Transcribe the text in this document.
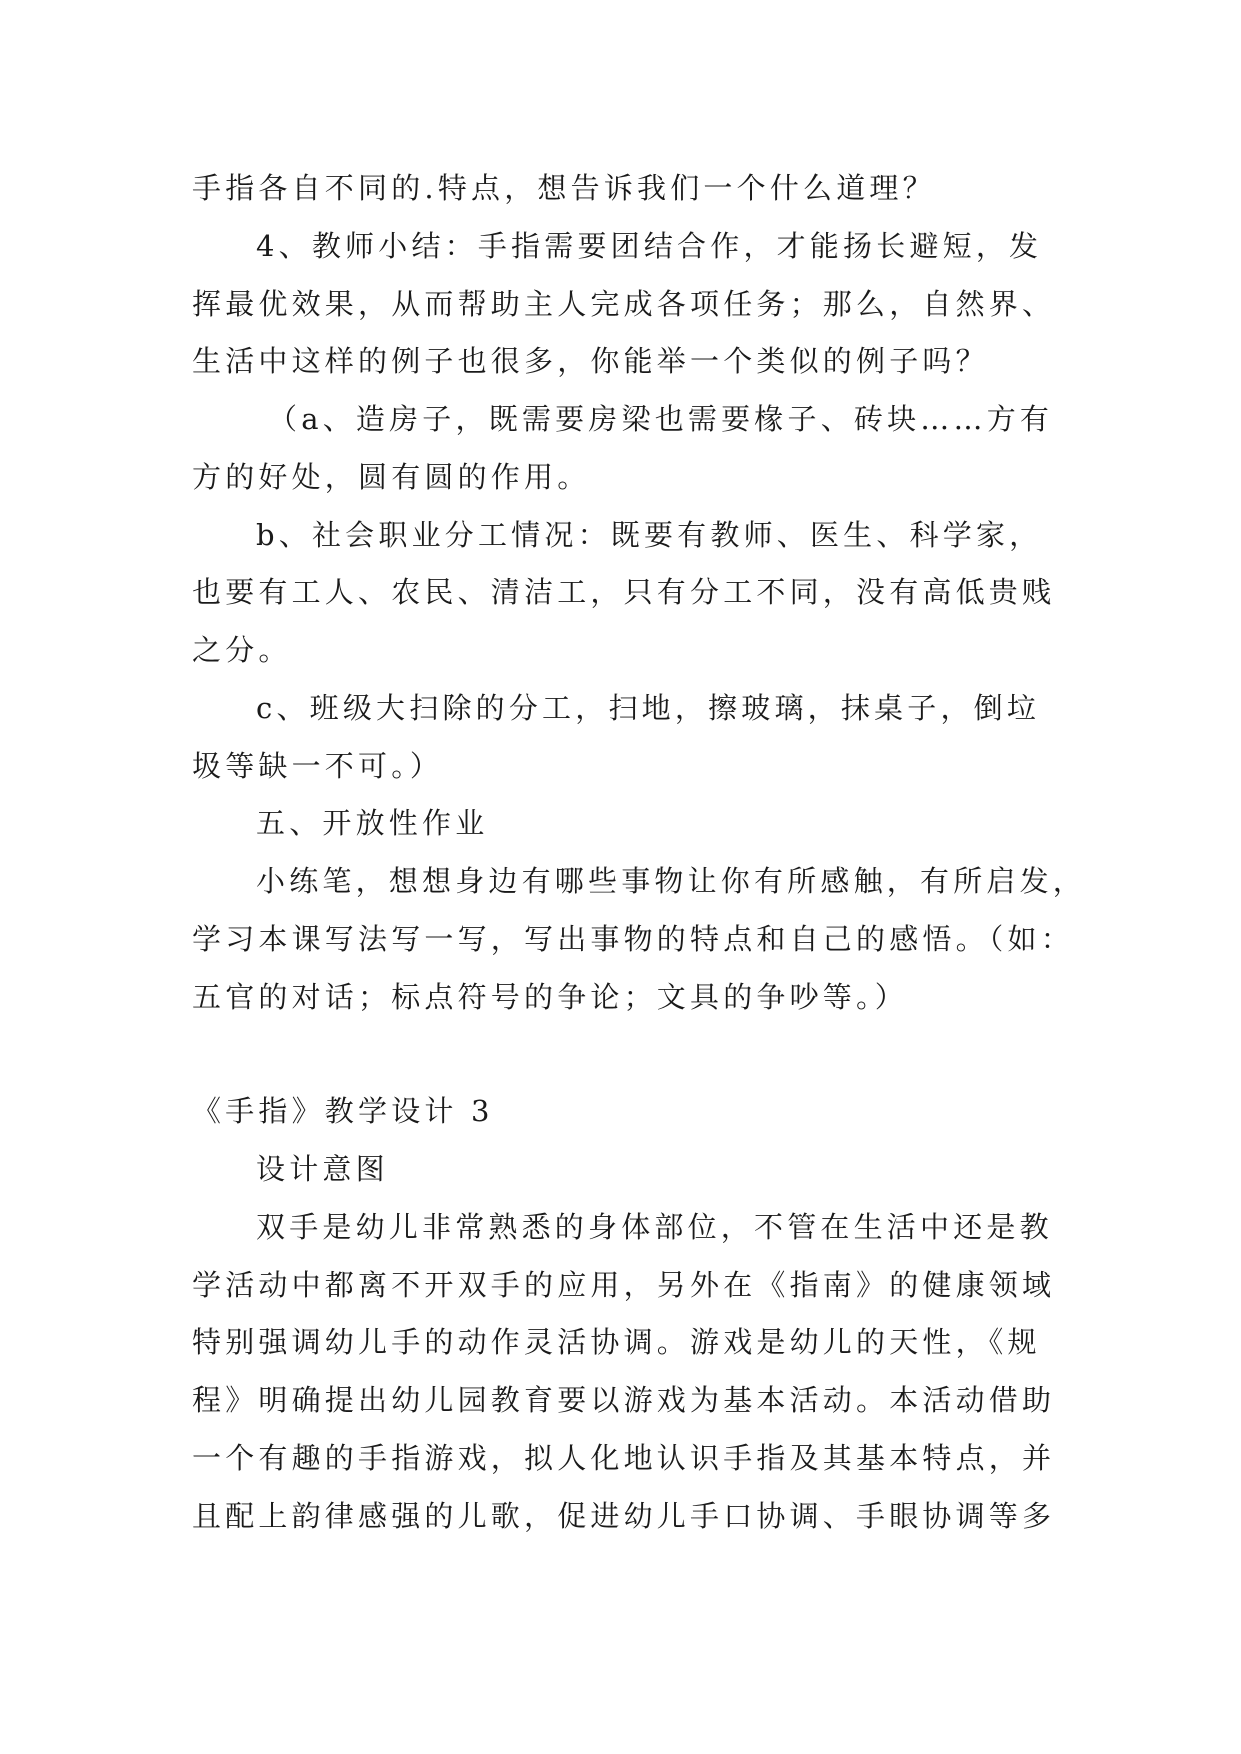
手指各自不同的.特点，想告诉我们一个什么道理？
4、教师小结：手指需要团结合作，才能扬长避短，发
挥最优效果，从而帮助主人完成各项任务；那么，自然界、
生活中这样的例子也很多，你能举一个类似的例子吗？
（a、造房子，既需要房梁也需要椽子、砖块……方有
方的好处，圆有圆的作用。
b、社会职业分工情况：既要有教师、医生、科学家，
也要有工人、农民、清洁工，只有分工不同，没有高低贵贱
之分。
c、班级大扫除的分工，扫地，擦玻璃，抹桌子，倒垃
圾等缺一不可。）
五、开放性作业
小练笔，想想身边有哪些事物让你有所感触，有所启发，
学习本课写法写一写，写出事物的特点和自己的感悟。（如：
五官的对话；标点符号的争论；文具的争吵等。）
《手指》教学设计 3
设计意图
双手是幼儿非常熟悉的身体部位，不管在生活中还是教
学活动中都离不开双手的应用，另外在《指南》的健康领域
特别强调幼儿手的动作灵活协调。游戏是幼儿的天性，《规
程》明确提出幼儿园教育要以游戏为基本活动。本活动借助
一个有趣的手指游戏，拟人化地认识手指及其基本特点，并
且配上韵律感强的儿歌，促进幼儿手口协调、手眼协调等多
